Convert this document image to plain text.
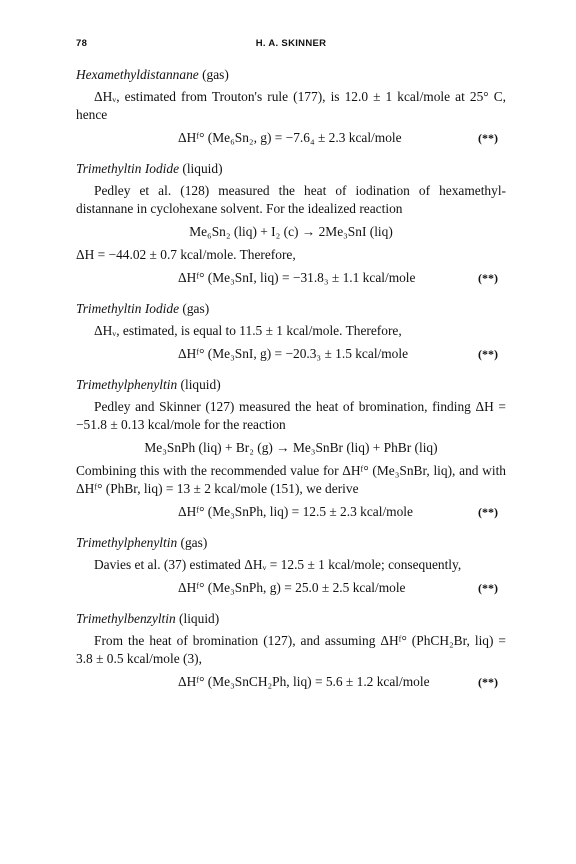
78	H. A. SKINNER
Hexamethyldistannane (gas)

ΔHᵥ, estimated from Trouton's rule (177), is 12.0 ± 1 kcal/mole at 25° C, hence

ΔHᶠ° (Me₆Sn₂, g) = −7.6₄ ± 2.3 kcal/mole	(**)
Trimethyltin Iodide (liquid)

Pedley et al. (128) measured the heat of iodination of hexamethyl-distannane in cyclohexane solvent. For the idealized reaction

Me₆Sn₂ (liq) + I₂ (c) → 2Me₃SnI (liq)

ΔH = −44.02 ± 0.7 kcal/mole. Therefore,

ΔHᶠ° (Me₃SnI, liq) = −31.8₃ ± 1.1 kcal/mole	(**)
Trimethyltin Iodide (gas)

ΔHᵥ, estimated, is equal to 11.5 ± 1 kcal/mole. Therefore,

ΔHᶠ° (Me₃SnI, g) = −20.3₃ ± 1.5 kcal/mole	(**)
Trimethylphenyltin (liquid)

Pedley and Skinner (127) measured the heat of bromination, finding ΔH = −51.8 ± 0.13 kcal/mole for the reaction

Me₃SnPh (liq) + Br₂ (g) → Me₃SnBr (liq) + PhBr (liq)

Combining this with the recommended value for ΔHᶠ° (Me₃SnBr, liq), and with ΔHᶠ° (PhBr, liq) = 13 ± 2 kcal/mole (151), we derive

ΔHᶠ° (Me₃SnPh, liq) = 12.5 ± 2.3 kcal/mole	(**)
Trimethylphenyltin (gas)

Davies et al. (37) estimated ΔHᵥ = 12.5 ± 1 kcal/mole; consequently,

ΔHᶠ° (Me₃SnPh, g) = 25.0 ± 2.5 kcal/mole	(**)
Trimethylbenzyltin (liquid)

From the heat of bromination (127), and assuming ΔHᶠ° (PhCH₂Br, liq) = 3.8 ± 0.5 kcal/mole (3),

ΔHᶠ° (Me₃SnCH₂Ph, liq) = 5.6 ± 1.2 kcal/mole	(**)
